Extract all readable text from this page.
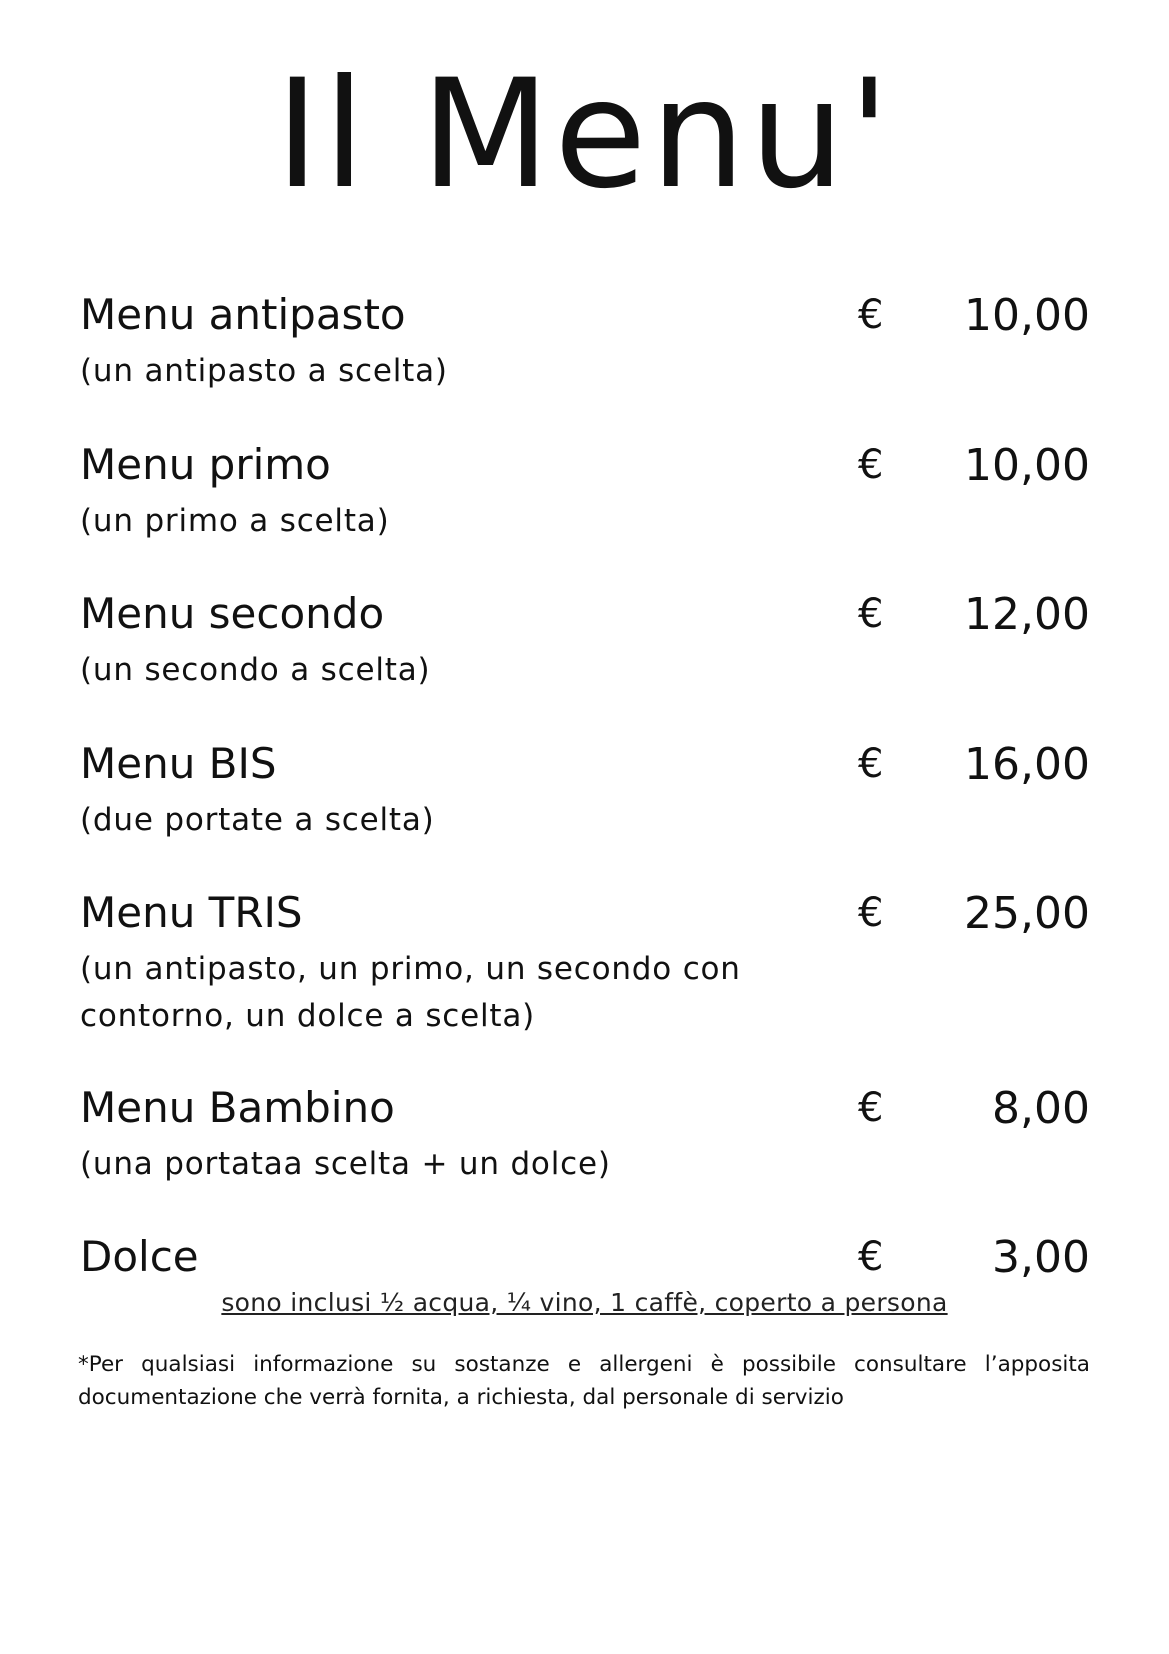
Il Menu'
Menu antipasto
(un antipasto a scelta)
€ 10,00
Menu primo
(un primo a scelta)
€ 10,00
Menu secondo
(un secondo a scelta)
€ 12,00
Menu BIS
(due portate a scelta)
€ 16,00
Menu TRIS
(un antipasto, un primo, un secondo con contorno, un dolce a scelta)
€ 25,00
Menu Bambino
(una portataa scelta + un dolce)
€ 8,00
Dolce	€ 3,00
sono inclusi ½ acqua, ¼ vino, 1 caffè, coperto a persona
*Per qualsiasi informazione su sostanze e allergeni è possibile consultare l’apposita documentazione che verrà fornita, a richiesta, dal personale di servizio
